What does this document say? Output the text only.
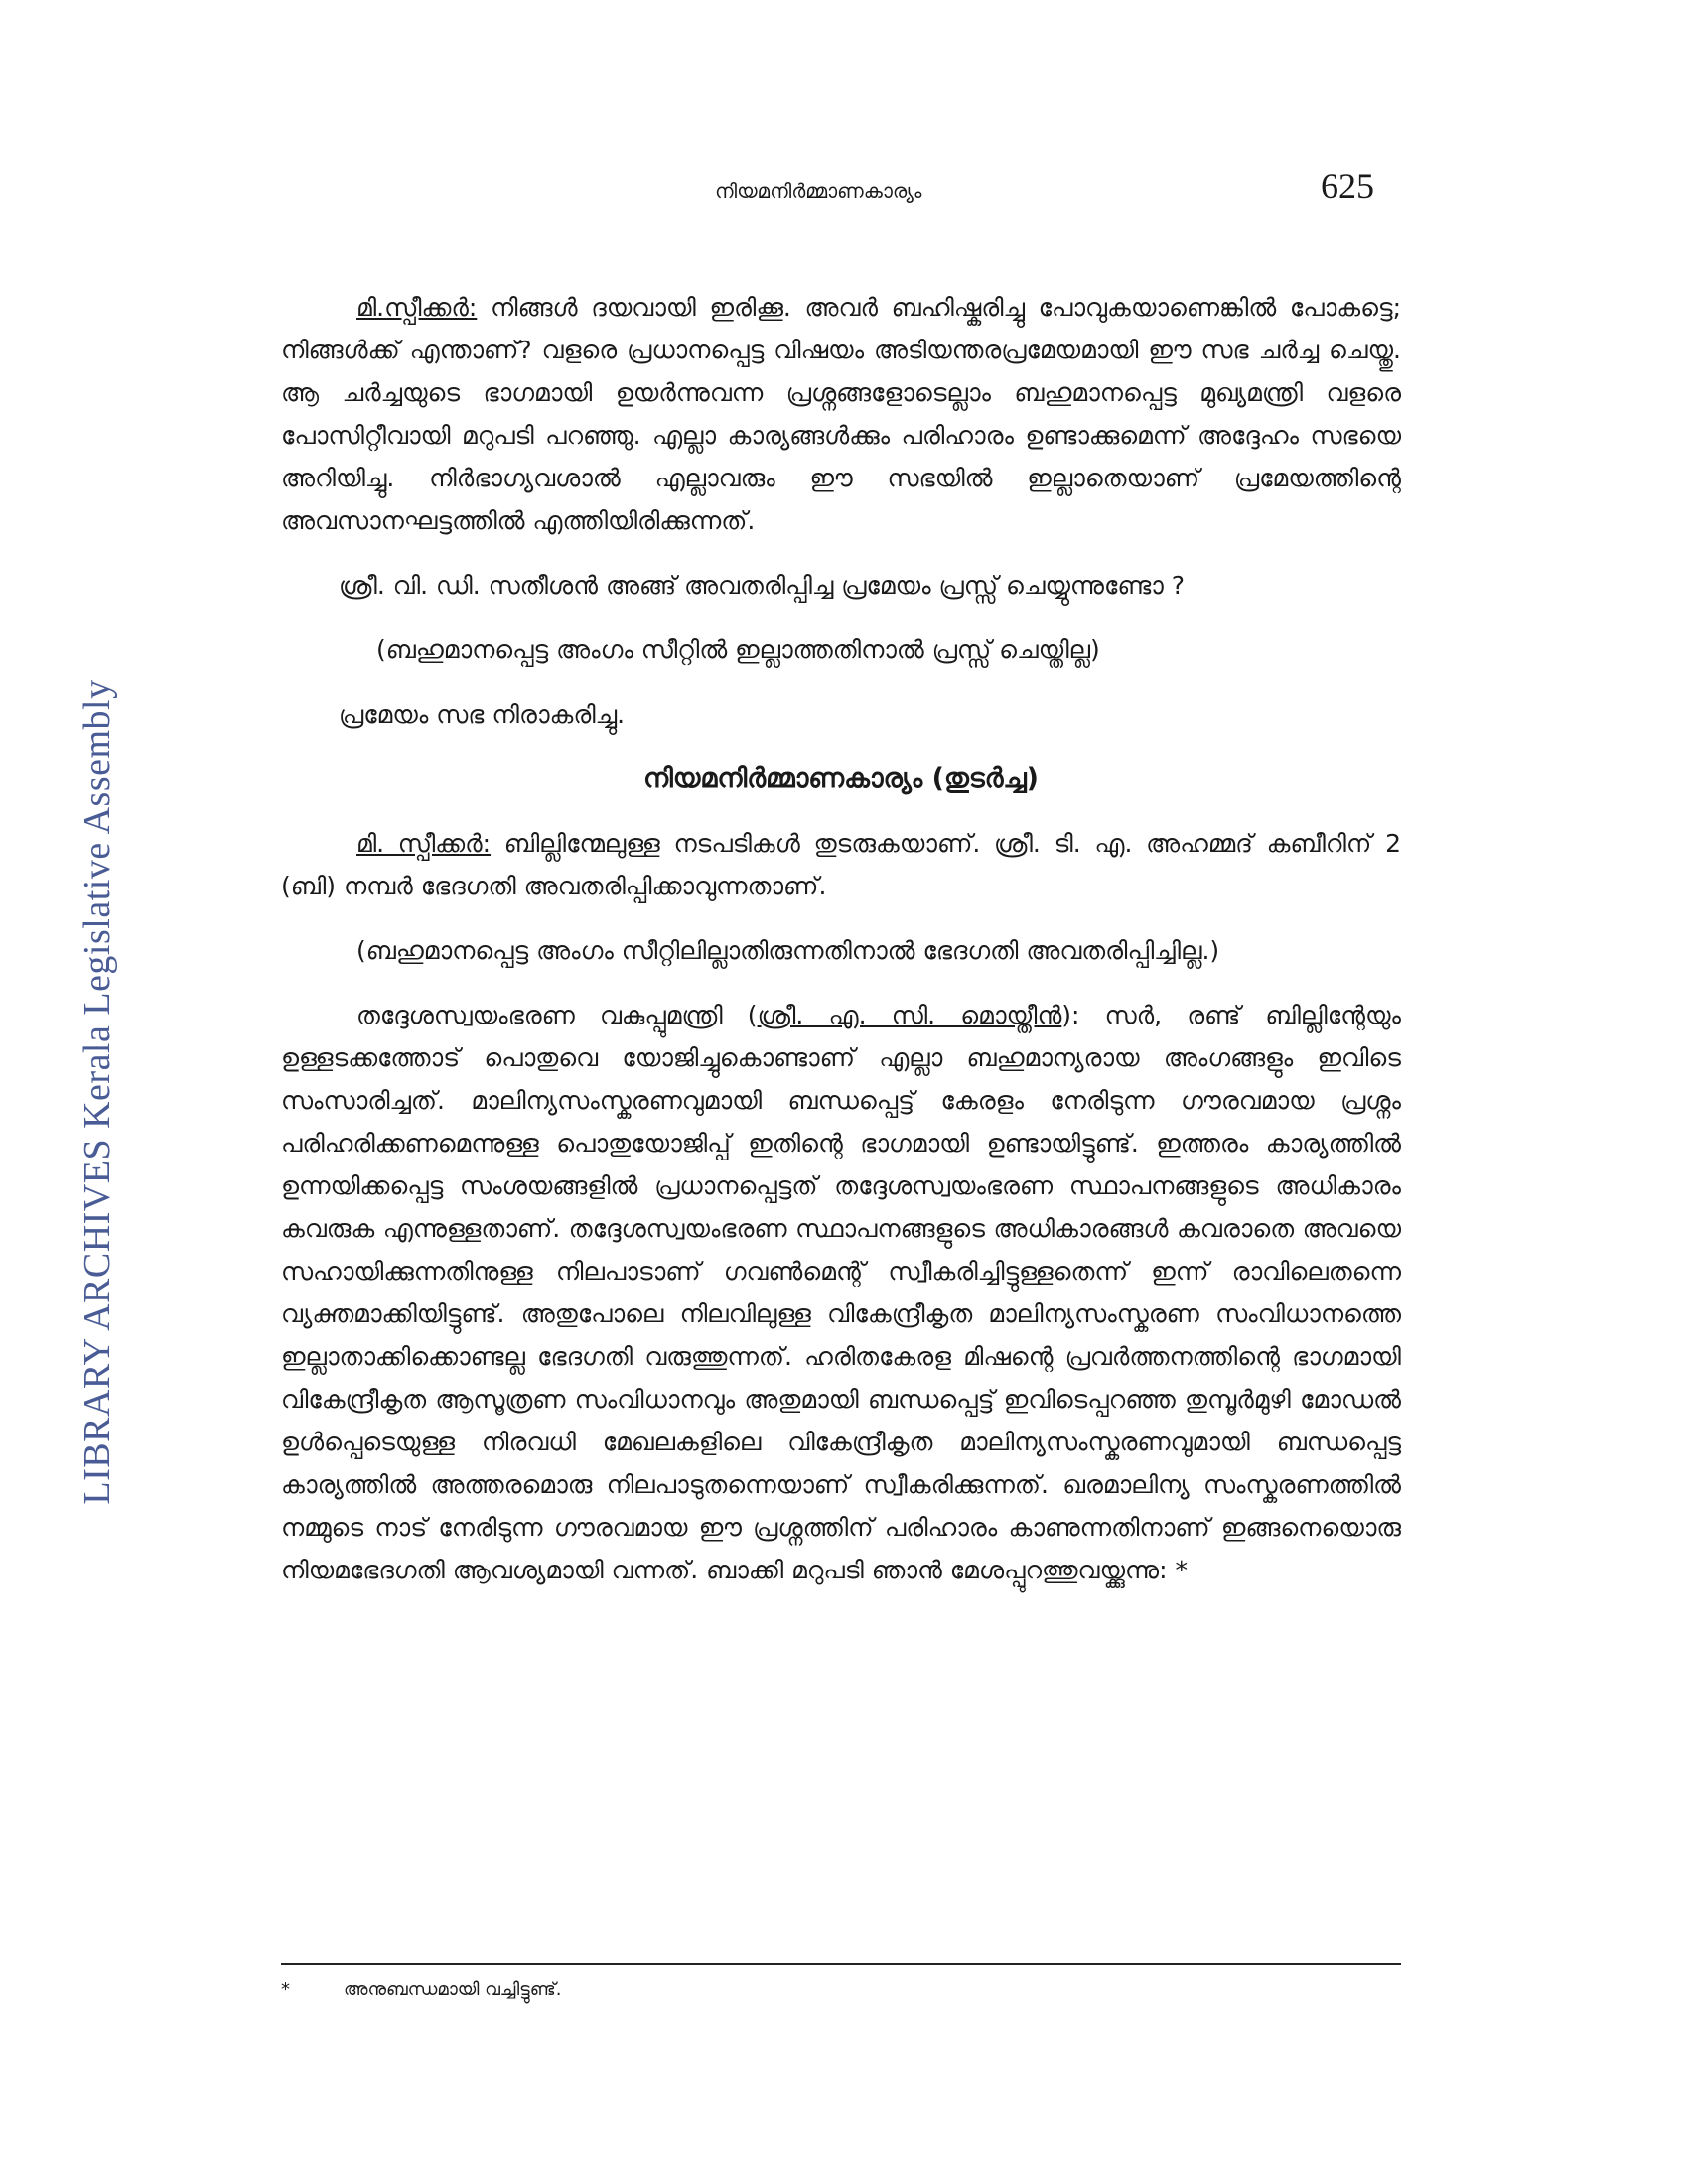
LIBRARY ARCHIVES Kerala Legislative Assembly
നിയമനിർമ്മാണകാര്യം	625

മി.സ്പീക്കർ: നിങ്ങൾ ദയവായി ഇരിക്കൂ. അവർ ബഹിഷ്കരിച്ചു പോവുകയാണെങ്കിൽ പോകട്ടെ; നിങ്ങൾക്ക് എന്താണ്? വളരെ പ്രധാനപ്പെട്ട വിഷയം അടിയന്തരപ്രമേയമായി ഈ സഭ ചർച്ച ചെയ്തു. ആ ചർച്ചയുടെ ഭാഗമായി ഉയർന്നുവന്ന പ്രശ്നങ്ങളോടെല്ലാം ബഹുമാനപ്പെട്ട മുഖ്യമന്ത്രി വളരെ പോസിറ്റീവായി മറുപടി പറഞ്ഞു. എല്ലാ കാര്യങ്ങൾക്കും പരിഹാരം ഉണ്ടാക്കുമെന്ന് അദ്ദേഹം സഭയെ അറിയിച്ചു. നിർഭാഗ്യവശാൽ എല്ലാവരും ഈ സഭയിൽ ഇല്ലാതെയാണ് പ്രമേയത്തിന്റെ അവസാനഘട്ടത്തിൽ എത്തിയിരിക്കുന്നത്.

ശ്രീ. വി. ഡി. സതീശൻ അങ്ങ് അവതരിപ്പിച്ച പ്രമേയം പ്രസ്സ് ചെയ്യുന്നുണ്ടോ ?
(ബഹുമാനപ്പെട്ട അംഗം സീറ്റിൽ ഇല്ലാത്തതിനാൽ പ്രസ്സ് ചെയ്തില്ല)
പ്രമേയം സഭ നിരാകരിച്ചു.
നിയമനിർമ്മാണകാര്യം (തുടർച്ച)

മി. സ്പീക്കർ: ബില്ലിന്മേലുള്ള നടപടികൾ തുടരുകയാണ്. ശ്രീ. ടി. എ. അഹമ്മദ് കബീറിന് 2 (ബി) നമ്പർ ഭേദഗതി അവതരിപ്പിക്കാവുന്നതാണ്.

(ബഹുമാനപ്പെട്ട അംഗം സീറ്റിലില്ലാതിരുന്നതിനാൽ ഭേദഗതി അവതരിപ്പിച്ചില്ല.)

തദ്ദേശസ്വയംഭരണ വകുപ്പുമന്ത്രി (ശ്രീ. എ. സി. മൊയ്തീൻ): സർ, രണ്ട് ബില്ലിന്റേയും ഉള്ളടക്കത്തോട് പൊതുവെ യോജിച്ചുകൊണ്ടാണ് എല്ലാ ബഹുമാന്യരായ അംഗങ്ങളും ഇവിടെ സംസാരിച്ചത്. മാലിന്യസംസ്കരണവുമായി ബന്ധപ്പെട്ട് കേരളം നേരിടുന്ന ഗൗരവമായ പ്രശ്നം പരിഹരിക്കണമെന്നുള്ള പൊതുയോജിപ്പ് ഇതിന്റെ ഭാഗമായി ഉണ്ടായിട്ടുണ്ട്. ഇത്തരം കാര്യത്തിൽ ഉന്നയിക്കപ്പെട്ട സംശയങ്ങളിൽ പ്രധാനപ്പെട്ടത് തദ്ദേശസ്വയംഭരണ സ്ഥാപനങ്ങളുടെ അധികാരം കവരുക എന്നുള്ളതാണ്. തദ്ദേശസ്വയംഭരണ സ്ഥാപനങ്ങളുടെ അധികാരങ്ങൾ കവരാതെ അവയെ സഹായിക്കുന്നതിനുള്ള നിലപാടാണ് ഗവൺമെന്റ് സ്വീകരിച്ചിട്ടുള്ളതെന്ന് ഇന്ന് രാവിലെതന്നെ വ്യക്തമാക്കിയിട്ടുണ്ട്. അതുപോലെ നിലവിലുള്ള വികേന്ദ്രീകൃത മാലിന്യസംസ്കരണ സംവിധാനത്തെ ഇല്ലാതാക്കിക്കൊണ്ടല്ല ഭേദഗതി വരുത്തുന്നത്. ഹരിതകേരള മിഷന്റെ പ്രവർത്തനത്തിന്റെ ഭാഗമായി വികേന്ദ്രീകൃത ആസൂത്രണ സംവിധാനവും അതുമായി ബന്ധപ്പെട്ട് ഇവിടെപ്പറഞ്ഞ തുമ്പൂർമുഴി മോഡൽ ഉൾപ്പെടെയുള്ള നിരവധി മേഖലകളിലെ വികേന്ദ്രീകൃത മാലിന്യസംസ്കരണവുമായി ബന്ധപ്പെട്ട കാര്യത്തിൽ അത്തരമൊരു നിലപാടുതന്നെയാണ് സ്വീകരിക്കുന്നത്. ഖരമാലിന്യ സംസ്കരണത്തിൽ നമ്മുടെ നാട് നേരിടുന്ന ഗൗരവമായ ഈ പ്രശ്നത്തിന് പരിഹാരം കാണുന്നതിനാണ് ഇങ്ങനെയൊരു നിയമഭേദഗതി ആവശ്യമായി വന്നത്. ബാക്കി മറുപടി ഞാൻ മേശപ്പുറത്തുവയ്ക്കുന്നു: *

*	അനുബന്ധമായി വച്ചിട്ടുണ്ട്.
